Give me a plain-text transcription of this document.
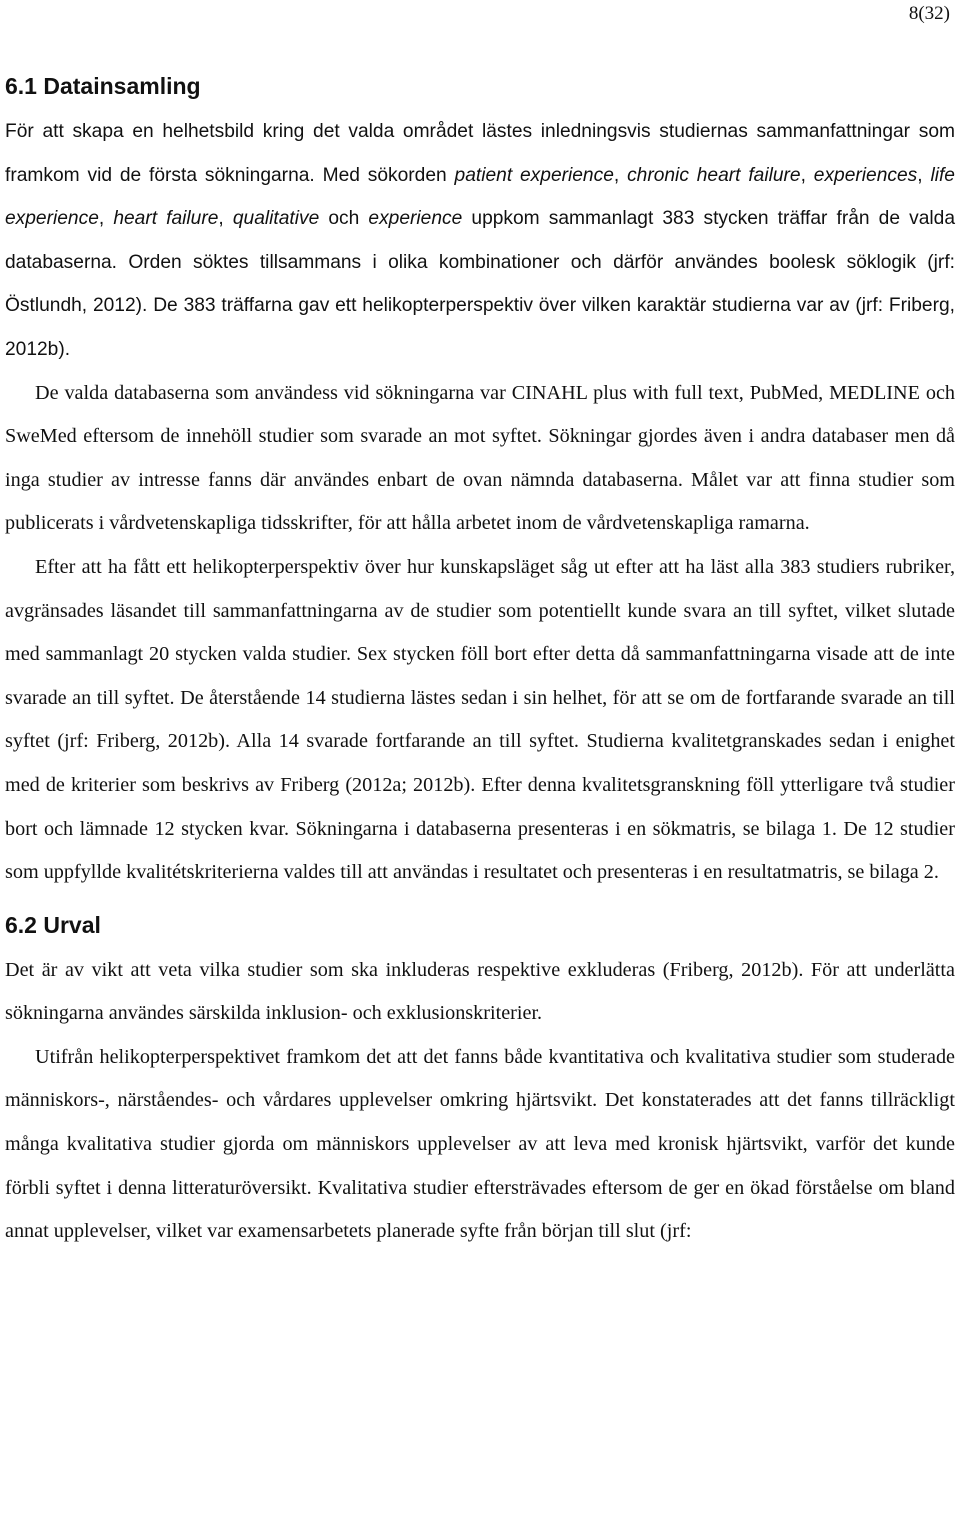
8(32)
6.1 Datainsamling

För att skapa en helhetsbild kring det valda området lästes inledningsvis studiernas sammanfattningar som framkom vid de första sökningarna. Med sökorden patient experience, chronic heart failure, experiences, life experience, heart failure, qualitative och experience uppkom sammanlagt 383 stycken träffar från de valda databaserna. Orden söktes tillsammans i olika kombinationer och därför användes boolesk söklogik (jrf: Östlundh, 2012). De 383 träffarna gav ett helikopterperspektiv över vilken karaktär studierna var av (jrf: Friberg, 2012b).

De valda databaserna som användess vid sökningarna var CINAHL plus with full text, PubMed, MEDLINE och SweMed eftersom de innehöll studier som svarade an mot syftet. Sökningar gjordes även i andra databaser men då inga studier av intresse fanns där användes enbart de ovan nämnda databaserna. Målet var att finna studier som publicerats i vårdvetenskapliga tidsskrifter, för att hålla arbetet inom de vårdvetenskapliga ramarna.

Efter att ha fått ett helikopterperspektiv över hur kunskapsläget såg ut efter att ha läst alla 383 studiers rubriker, avgränsades läsandet till sammanfattningarna av de studier som potentiellt kunde svara an till syftet, vilket slutade med sammanlagt 20 stycken valda studier. Sex stycken föll bort efter detta då sammanfattningarna visade att de inte svarade an till syftet. De återstående 14 studierna lästes sedan i sin helhet, för att se om de fortfarande svarade an till syftet (jrf: Friberg, 2012b). Alla 14 svarade fortfarande an till syftet. Studierna kvalitetgranskades sedan i enighet med de kriterier som beskrivs av Friberg (2012a; 2012b). Efter denna kvalitetsgranskning föll ytterligare två studier bort och lämnade 12 stycken kvar. Sökningarna i databaserna presenteras i en sökmatris, se bilaga 1. De 12 studier som uppfyllde kvalitétskriterierna valdes till att användas i resultatet och presenteras i en resultatmatris, se bilaga 2.

6.2 Urval

Det är av vikt att veta vilka studier som ska inkluderas respektive exkluderas (Friberg, 2012b). För att underlätta sökningarna användes särskilda inklusion- och exklusionskriterier.

Utifrån helikopterperspektivet framkom det att det fanns både kvantitativa och kvalitativa studier som studerade människors-, närståendes- och vårdares upplevelser omkring hjärtsvikt. Det konstaterades att det fanns tillräckligt många kvalitativa studier gjorda om människors upplevelser av att leva med kronisk hjärtsvikt, varför det kunde förbli syftet i denna litteraturöversikt. Kvalitativa studier eftersträvades eftersom de ger en ökad förståelse om bland annat upplevelser, vilket var examensarbetets planerade syfte från början till slut (jrf:
